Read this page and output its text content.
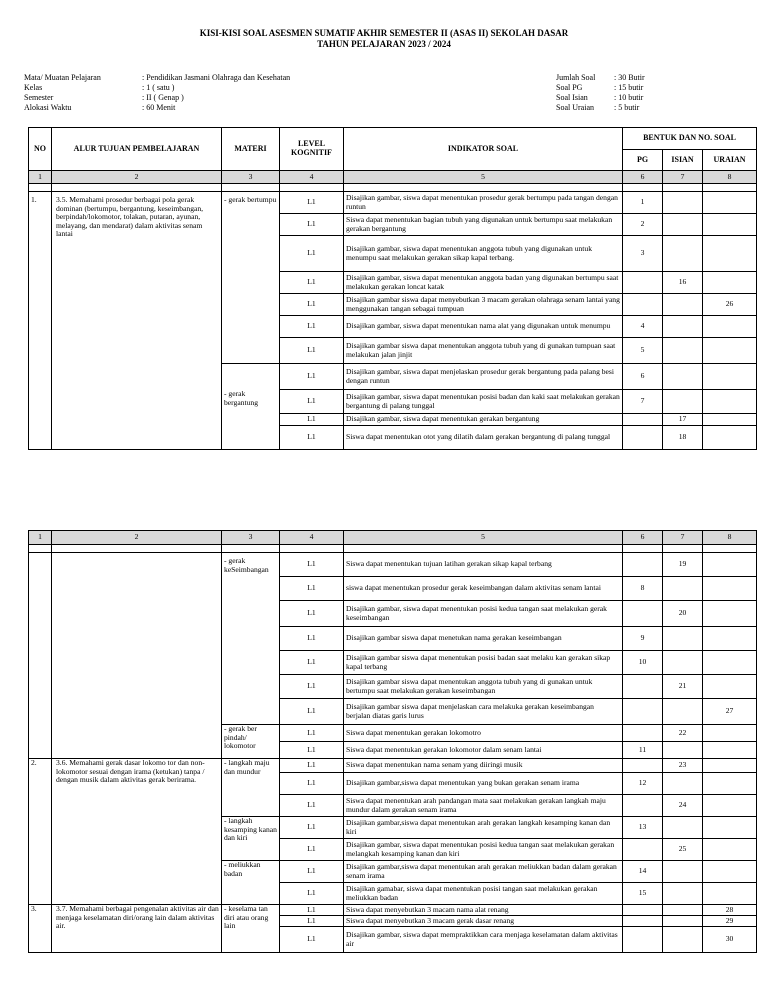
KISI-KISI SOAL ASESMEN SUMATIF AKHIR SEMESTER II (ASAS II) SEKOLAH DASAR
TAHUN PELAJARAN 2023 / 2024
Mata/ Muatan Pelajaran	: Pendidikan Jasmani Olahraga dan Kesehatan
Kelas	: 1 ( satu )
Semester	: II ( Genap )
Alokasi Waktu	: 60 Menit
Jumlah Soal	: 30 Butir
Soal PG	: 15 butir
Soal Isian	: 10 butir
Soal Uraian	: 5 butir
NO	ALUR TUJUAN PEMBELAJARAN	MATERI	LEVEL KOGNITIF	INDIKATOR SOAL	BENTUK DAN NO. SOAL		
					PG	ISIAN	URAIAN
1	2	3	4	5	6	7	8

1.	3.5. Memahami prosedur berbagai pola gerak dominan (bertumpu, bergantung, keseimbangan, berpindah/lokomotor, tolakan, putaran, ayunan, melayang, dan mendarat) dalam aktivitas senam lantai	- gerak bertumpu	L1	Disajikan gambar, siswa dapat menentukan prosedur gerak bertumpu pada tangan dengan runtun	1		
			L1	Siswa dapat menentukan bagian tubuh yang digunakan untuk bertumpu saat melakukan gerakan bergantung	2		
			L1	Disajikan gambar, siswa dapat menentukan anggota tubuh yang digunakan untuk menumpu saat melakukan gerakan sikap kapal terbang.	3		
			L1	Disajikan gambar, siswa dapat menentukan anggota badan yang digunakan bertumpu saat melakukan gerakan loncat katak		16	
			L1	Disajikan gambar siswa dapat menyebutkan 3 macam gerakan olahraga senam lantai yang menggunakan tangan sebagai tumpuan			26
			L1	Disajikan gambar, siswa dapat menentukan nama alat yang digunakan untuk menumpu	4		
			L1	Disajikan gambar siswa dapat menentukan anggota tubuh yang di gunakan tumpuan saat melakukan jalan jinjit	5		
		- gerak bergantung	L1	Disajikan gambar, siswa dapat menjelaskan prosedur gerak bergantung pada palang besi dengan runtun	6		
			L1	Disajikan gambar, siswa dapat menentukan posisi badan dan kaki saat melakukan gerakan bergantung di palang tunggal	7		
			L1	Disajikan gambar, siswa dapat menentukan gerakan bergantung		17	
			L1	Siswa dapat menentukan otot yang dilatih dalam gerakan bergantung di palang tunggal		18	
1	2	3	4	5	6	7	8

		- gerak keSeimbangan	L1	Siswa dapat menentukan tujuan latihan gerakan sikap kapal terbang		19	
			L1	siswa dapat menentukan prosedur gerak keseimbangan dalam aktivitas senam lantai	8		
			L1	Disajikan gambar, siswa dapat menentukan posisi kedua tangan saat melakukan gerak keseimbangan		20	
			L1	Disajikan gambar siswa dapat menetukan nama gerakan keseimbangan	9		
			L1	Disajikan gambar siswa dapat menentukan posisi badan saat melaku kan gerakan sikap kapal terbang	10		
			L1	Disajikan gambar siswa dapat menentukan anggota tubuh yang di gunakan untuk bertumpu saat melakukan gerakan keseimbangan		21	
			L1	Disajikan gambar siswa dapat menjelaskan cara melakuka gerakan keseimbangan berjalan diatas garis lurus			27
		- gerak ber pindah/ lokomotor	L1	Siswa dapat menentukan gerakan lokomotro		22	
			L1	Siswa dapat menentukan gerakan lokomotor dalam senam lantai	11		
2.	3.6. Memahami gerak dasar lokomo tor dan non-lokomotor sesuai dengan irama (ketukan) tanpa / dengan musik dalam aktivitas gerak berirama.	- langkah maju dan mundur	L1	Siswa dapat menentukan nama senam yang diiringi musik		23	
			L1	Disajikan gambar,siswa dapat menentukan yang bukan gerakan senam irama	12		
			L1	Siswa dapat menentukan arah pandangan mata saat melakukan gerakan langkah maju mundur dalam gerakan senam irama		24	
		- langkah kesamping kanan dan kiri	L1	Disajikan gambar,siswa dapat menentukan arah gerakan langkah kesamping kanan dan kiri	13		
			L1	Disajikan gambar, siswa dapat menentukan posisi kedua tangan saat melakukan gerakan melangkah kesamping kanan dan kiri		25	
		- meliukkan badan	L1	Disajikan gambar,siswa dapat menentukan arah gerakan meliukkan badan dalam gerakan senam irama	14		
			L1	Disajikan gamabar, siswa dapat menentukan posisi tangan saat melakukan gerakan meliukkan badan	15		
3.	3.7. Memahami berbagai pengenalan aktivitas air dan menjaga keselamatan diri/orang lain dalam aktivitas air.	- keselama tan diri atau orang lain	L1	Siswa dapat menyebutkan 3 macam nama alat renang			28
			L1	Siswa dapat menyebutkan 3 macam gerak dasar renang			29
			L1	Disajikan gambar, siswa dapat mempraktikkan cara menjaga keselamatan dalam aktivitas air			30
